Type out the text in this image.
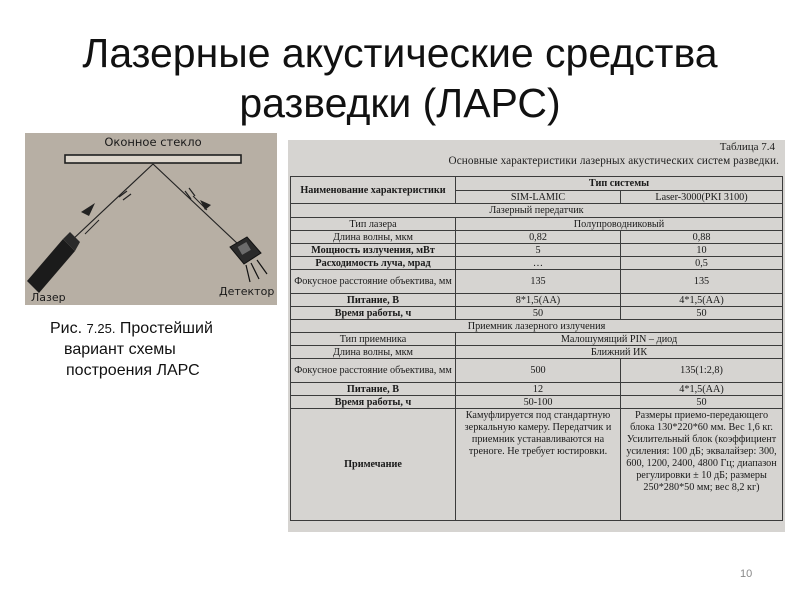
Лазерные акустические средства
разведки (ЛАРС)
Оконное стекло
Лазер	Детектор
Рис. 7.25. Простейший
вариант схемы
построения ЛАРС
Таблица 7.4
Основные характеристики лазерных акустических систем разведки.
Наименование характеристики	Тип системы	
	SIM-LAMIC	Laser-3000(PKI 3100)
Лазерный передатчик		
Тип лазера	Полупроводниковый	
Длина волны, мкм	0,82	0,88
Мощность излучения, мВт	5	10
Расходимость луча, мрад	…	0,5
Фокусное расстояние объектива, мм	135	135
Питание, В	8*1,5(АА)	4*1,5(АА)
Время работы, ч	50	50
Приемник лазерного излучения		
Тип приемника	Малошумящий PIN – диод	
Длина волны, мкм	Ближний ИК	
Фокусное расстояние объектива, мм	500	135(1:2,8)
Питание, В	12	4*1,5(АА)
Время работы, ч	50-100	50
Примечание	Камуфлируется под стандартную зеркальную камеру. Передатчик и приемник устанавливаются на треноге. Не требует юстировки.	Размеры приемо-передающего блока 130*220*60 мм. Вес 1,6 кг. Усилительный блок (коэффициент усиления: 100 дБ; эквалайзер: 300, 600, 1200, 2400, 4800 Гц; диапазон регулировки ± 10 дБ; размеры 250*280*50 мм; вес 8,2 кг)
10
